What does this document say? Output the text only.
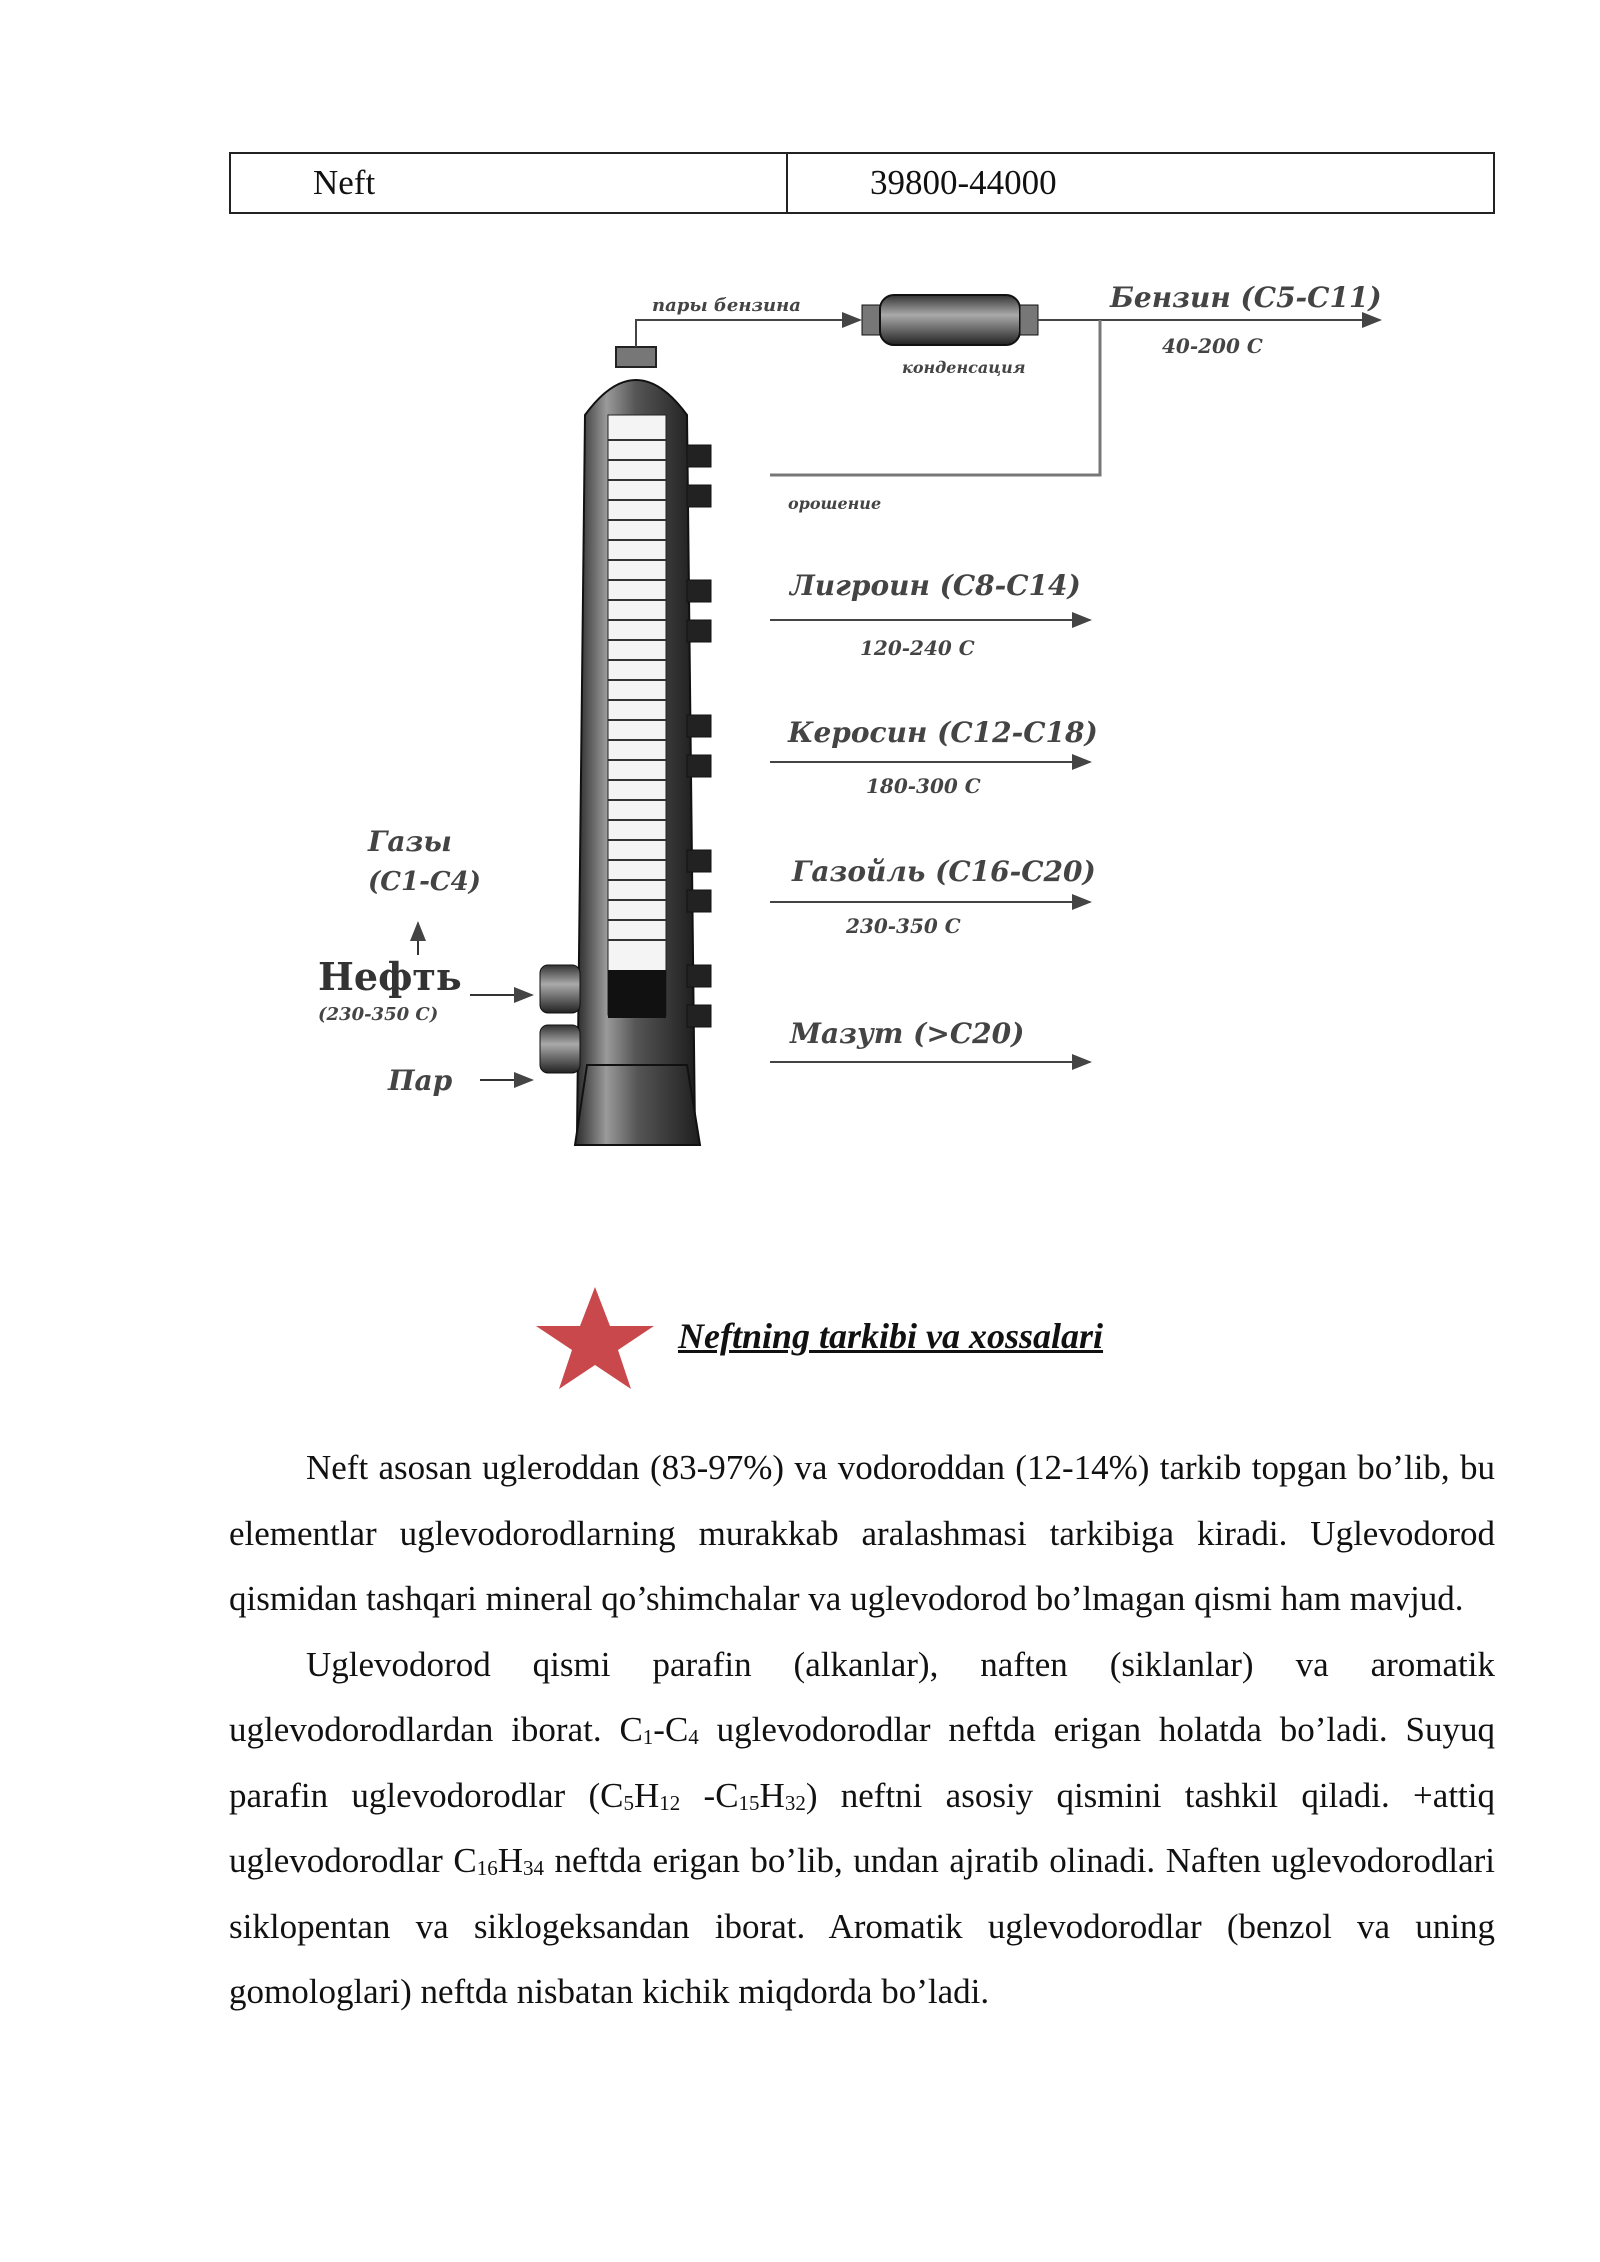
Neft	39800-44000
пары бензина
конденсация
Бензин (C5-C11)
40-200 C
орошение
Лигроин (C8-C14)
120-240 C
Керосин (C12-C18)
180-300 C
Газойль (C16-C20)
230-350 C
Мазут (>C20)
Газы
(C1-C4)
Нефть
(230-350 C)
Пар
Neftning tarkibi va xossalari

Neft asosan ugleroddan (83-97%) va vodoroddan (12-14%) tarkib topgan bo’lib, bu elementlar uglevodorodlarning murakkab aralashmasi tarkibiga kiradi. Uglevodorod qismidan tashqari mineral qo’shimchalar va uglevodorod bo’lmagan qismi ham mavjud.

Uglevodorod qismi parafin (alkanlar), naften (siklanlar) va aromatik uglevodorodlardan iborat. $C_1-C_4$ uglevodorodlar neftda erigan holatda bo’ladi. Suyuq parafin uglevodorodlar ($C_5H_{12}$ $-C_{15}H_{32}$) neftni asosiy qismini tashkil qiladi. +attiq uglevodorodlar $C_{16}H_{34}$ neftda erigan bo’lib, undan ajratib olinadi. Naften uglevodorodlari siklopentan va siklogeksandan iborat. Aromatik uglevodorodlar (benzol va uning gomologlari) neftda nisbatan kichik miqdorda bo’ladi.
